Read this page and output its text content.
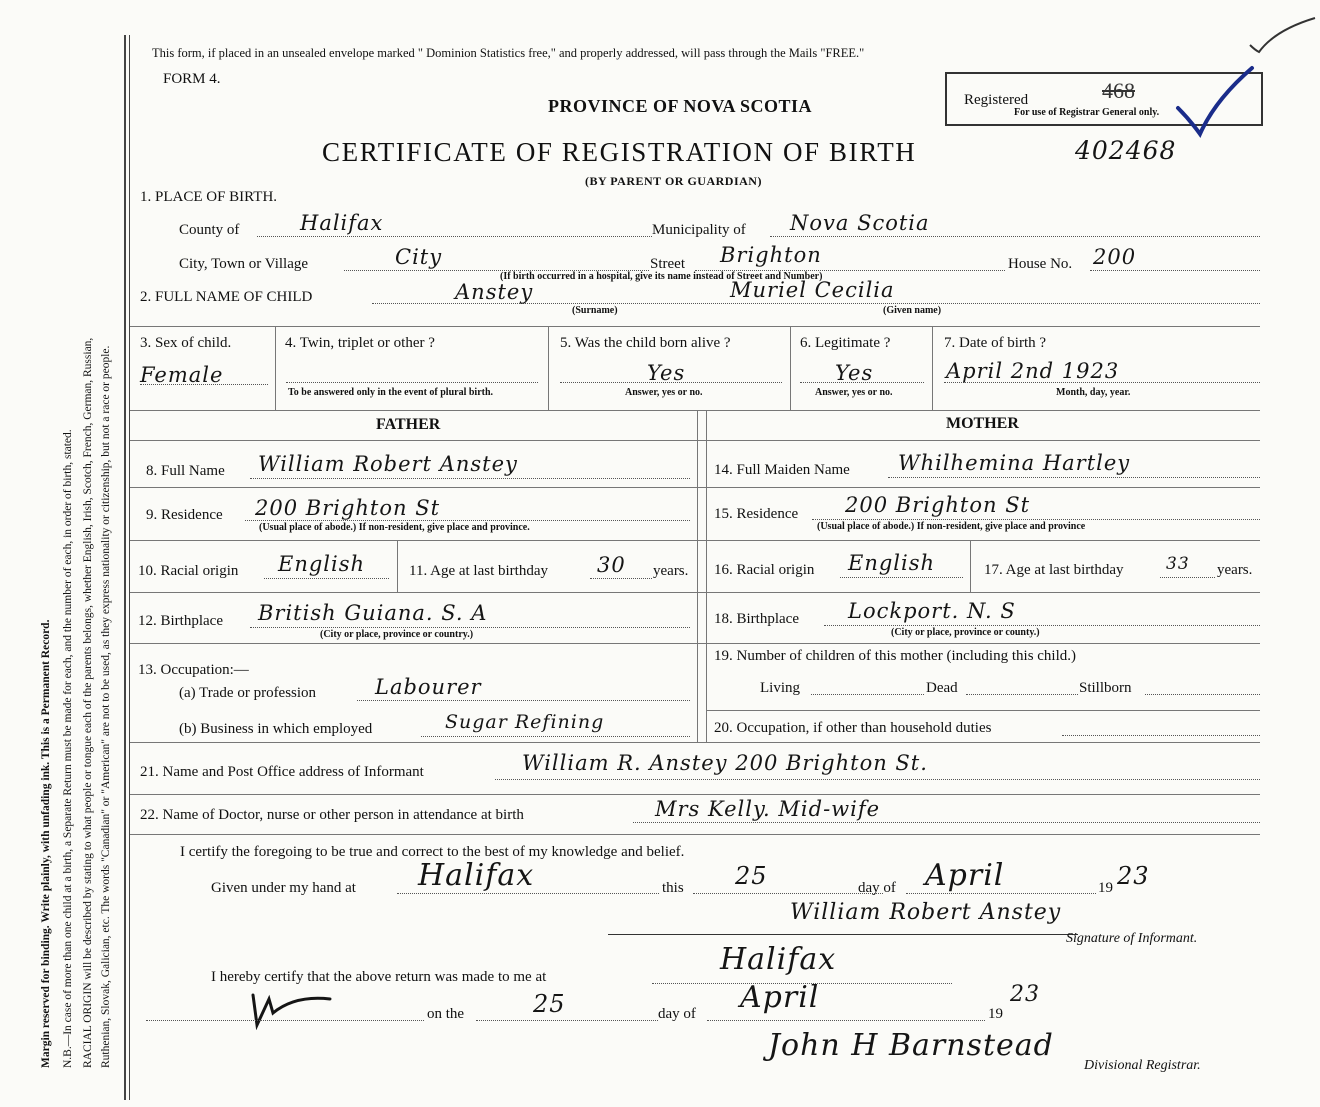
Margin reserved for binding. Write plainly, with unfading ink. This is a Permanent Record. N.B.—In case of more than one child at a birth, a Separate Return must be made for each, and the number of each, in order of birth, stated. RACIAL ORIGIN will be described by stating to what people or tongue each of the parents belongs, whether English, Irish, Scotch, French, German, Russian, Ruthenian, Slovak, Galician, etc. The words "Canadian" or "American" are not to be used, as they express nationality or citizenship, but not a race or people.
This form, if placed in an unsealed envelope marked " Dominion Statistics free," and properly addressed, will pass through the Mails "FREE."
FORM 4.
PROVINCE OF NOVA SCOTIA
CERTIFICATE OF REGISTRATION OF BIRTH	402468
(BY PARENT OR GUARDIAN)
Registered	468
For use of Registrar General only.
1. PLACE OF BIRTH.
County of	Halifax	Municipality of Nova Scotia
City, Town or Village	City	Street Brighton	House No. 200
(If birth occurred in a hospital, give its name instead of Street and Number)
2. FULL NAME OF CHILD	Anstey	Muriel Cecilia
(Surname)	(Given name)
3. Sex of child.
Female
4. Twin, triplet or other ?
To be answered only in the event of plural birth.
5. Was the child born alive ?
Yes
Answer, yes or no.
6. Legitimate ?
Yes
Answer, yes or no.
7. Date of birth ?
April 2nd 1923
Month, day, year.
FATHER	MOTHER
8. Full Name William Robert Anstey
9. Residence 200 Brighton St
(Usual place of abode.) If non-resident, give place and province.
10. Racial origin English	11. Age at last birthday 30 years.
12. Birthplace British Guiana. S. A
(City or place, province or country.)
13. Occupation:—
(a) Trade or profession	Labourer
(b) Business in which employed	Sugar Refining
14. Full Maiden Name Whilhemina Hartley
15. Residence 200 Brighton St
(Usual place of abode.) If non-resident, give place and province
16. Racial origin English	17. Age at last birthday 33 years.
18. Birthplace Lockport. N. S
(City or place, province or county.)
19. Number of children of this mother (including this child.)
Living	Dead	Stillborn
20. Occupation, if other than household duties
21. Name and Post Office address of Informant	William R. Anstey 200 Brighton St.
22. Name of Doctor, nurse or other person in attendance at birth	Mrs Kelly. Mid-wife
I certify the foregoing to be true and correct to the best of my knowledge and belief.
Given under my hand at Halifax	this 25	day of April	19 23
William Robert Anstey
Signature of Informant.
I hereby certify that the above return was made to me at	Halifax
on the	25	day of April	19
23
John H Barnstead
Divisional Registrar.
